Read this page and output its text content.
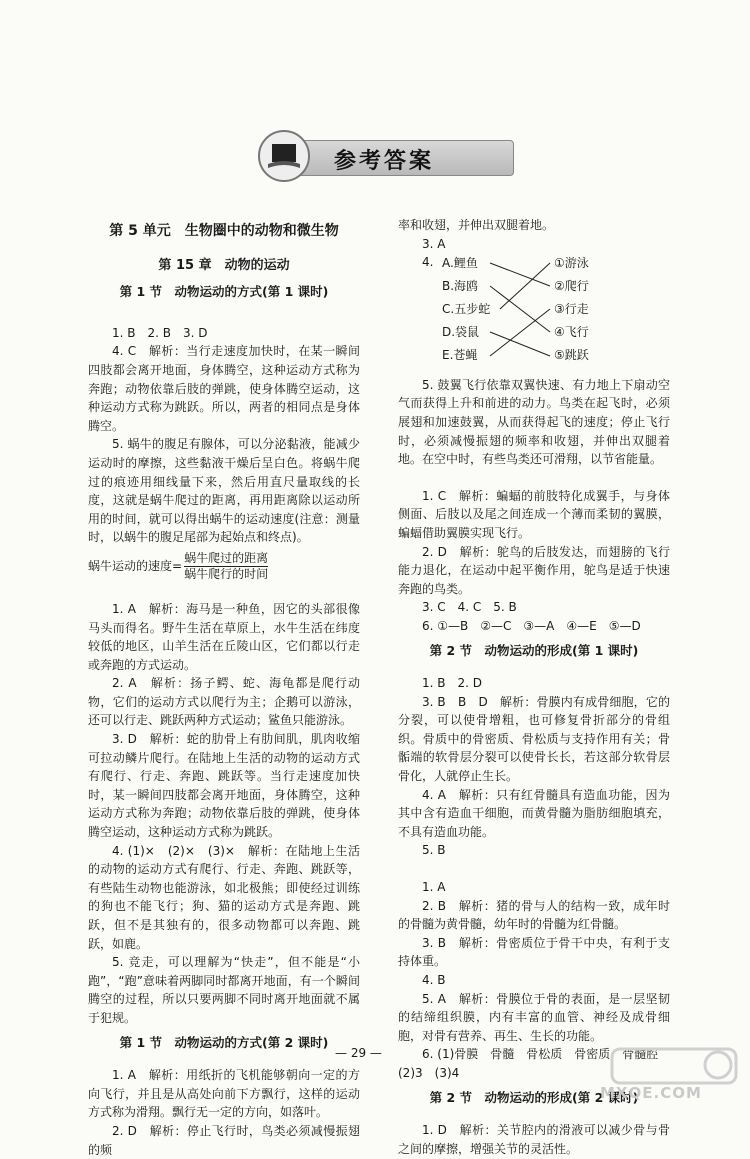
参考答案
第 5 单元　生物圈中的动物和微生物
第 15 章　动物的运动
第 1 节　动物运动的方式(第 1 课时)

1. B　2. B　3. D

4. C　解析：当行走速度加快时，在某一瞬间四肢都会离开地面，身体腾空，这种运动方式称为奔跑；动物依靠后肢的弹跳，使身体腾空运动，这种运动方式称为跳跃。所以，两者的相同点是身体腾空。

5. 蜗牛的腹足有腺体，可以分泌黏液，能减少运动时的摩擦，这些黏液干燥后呈白色。将蜗牛爬过的痕迹用细线量下来，然后用直尺量取线的长度，这就是蜗牛爬过的距离，再用距离除以运动所用的时间，就可以得出蜗牛的运动速度(注意：测量时，以蜗牛的腹足尾部为起始点和终点)。

蜗牛运动的速度= $\frac{\text{蜗牛爬过的距离}}{\text{蜗牛爬行的时间}}$

1. A　解析：海马是一种鱼，因它的头部很像马头而得名。野牛生活在草原上，水牛生活在纬度较低的地区，山羊生活在丘陵山区，它们都以行走或奔跑的方式运动。

2. A　解析：扬子鳄、蛇、海龟都是爬行动物，它们的运动方式以爬行为主；企鹅可以游泳，还可以行走、跳跃两种方式运动；鲨鱼只能游泳。

3. D　解析：蛇的肋骨上有肋间肌，肌肉收缩可拉动鳞片爬行。在陆地上生活的动物的运动方式有爬行、行走、奔跑、跳跃等。当行走速度加快时，某一瞬间四肢都会离开地面，身体腾空，这种运动方式称为奔跑；动物依靠后肢的弹跳，使身体腾空运动，这种运动方式称为跳跃。

4. (1)×　(2)×　(3)×　解析：在陆地上生活的动物的运动方式有爬行、行走、奔跑、跳跃等，有些陆生动物也能游泳，如北极熊；即使经过训练的狗也不能飞行；狗、猫的运动方式是奔跑、跳跃，但不是其独有的，很多动物都可以奔跑、跳跃，如鹿。

5. 竞走，可以理解为“快走”，但不能是“小跑”，“跑”意味着两脚同时都离开地面，有一个瞬间腾空的过程，所以只要两脚不同时离开地面就不属于犯规。

第 1 节　动物运动的方式(第 2 课时)

1. A　解析：用纸折的飞机能够朝向一定的方向飞行，并且是从高处向前下方飘行，这样的运动方式称为滑翔。飘行无一定的方向，如落叶。

2. D　解析：停止飞行时，鸟类必须减慢振翅的频

率和收翅，并伸出双腿着地。

3. A

4. A.鲤鱼
B.海鸥
C.五步蛇
D.袋鼠
E.苍蝇
①游泳
②爬行
③行走
④飞行
⑤跳跃

5. 鼓翼飞行依靠双翼快速、有力地上下扇动空气而获得上升和前进的动力。鸟类在起飞时，必须展翅和加速鼓翼，从而获得起飞的速度；停止飞行时，必须减慢振翅的频率和收翅，并伸出双腿着地。在空中时，有些鸟类还可滑翔，以节省能量。

1. C　解析：蝙蝠的前肢特化成翼手，与身体侧面、后肢以及尾之间连成一个薄而柔韧的翼膜，蝙蝠借助翼膜实现飞行。

2. D　解析：鸵鸟的后肢发达，而翅膀的飞行能力退化，在运动中起平衡作用，鸵鸟是适于快速奔跑的鸟类。

3. C　4. C　5. B

6. ①—B　②—C　③—A　④—E　⑤—D

第 2 节　动物运动的形成(第 1 课时)

1. B　2. D

3. B　B　D　解析：骨膜内有成骨细胞，它的分裂，可以使骨增粗，也可修复骨折部分的骨组织。骨质中的骨密质、骨松质与支持作用有关；骨骺端的软骨层分裂可以使骨长长，若这部分软骨层骨化，人就停止生长。

4. A　解析：只有红骨髓具有造血功能，因为其中含有造血干细胞，而黄骨髓为脂肪细胞填充，不具有造血功能。

5. B

1. A

2. B　解析：猪的骨与人的结构一致，成年时的骨髓为黄骨髓，幼年时的骨髓为红骨髓。

3. B　解析：骨密质位于骨干中央，有利于支持体重。

4. B

5. A　解析：骨膜位于骨的表面，是一层坚韧的结缔组织膜，内有丰富的血管、神经及成骨细胞，对骨有营养、再生、生长的功能。

6. (1)骨膜　骨髓　骨松质　骨密质　骨髓腔

(2)3　(3)4

第 2 节　动物运动的形成(第 2 课时)

1. D　解析：关节腔内的滑液可以减少骨与骨之间的摩擦，增强关节的灵活性。

— 29 —
MXQE.COM
